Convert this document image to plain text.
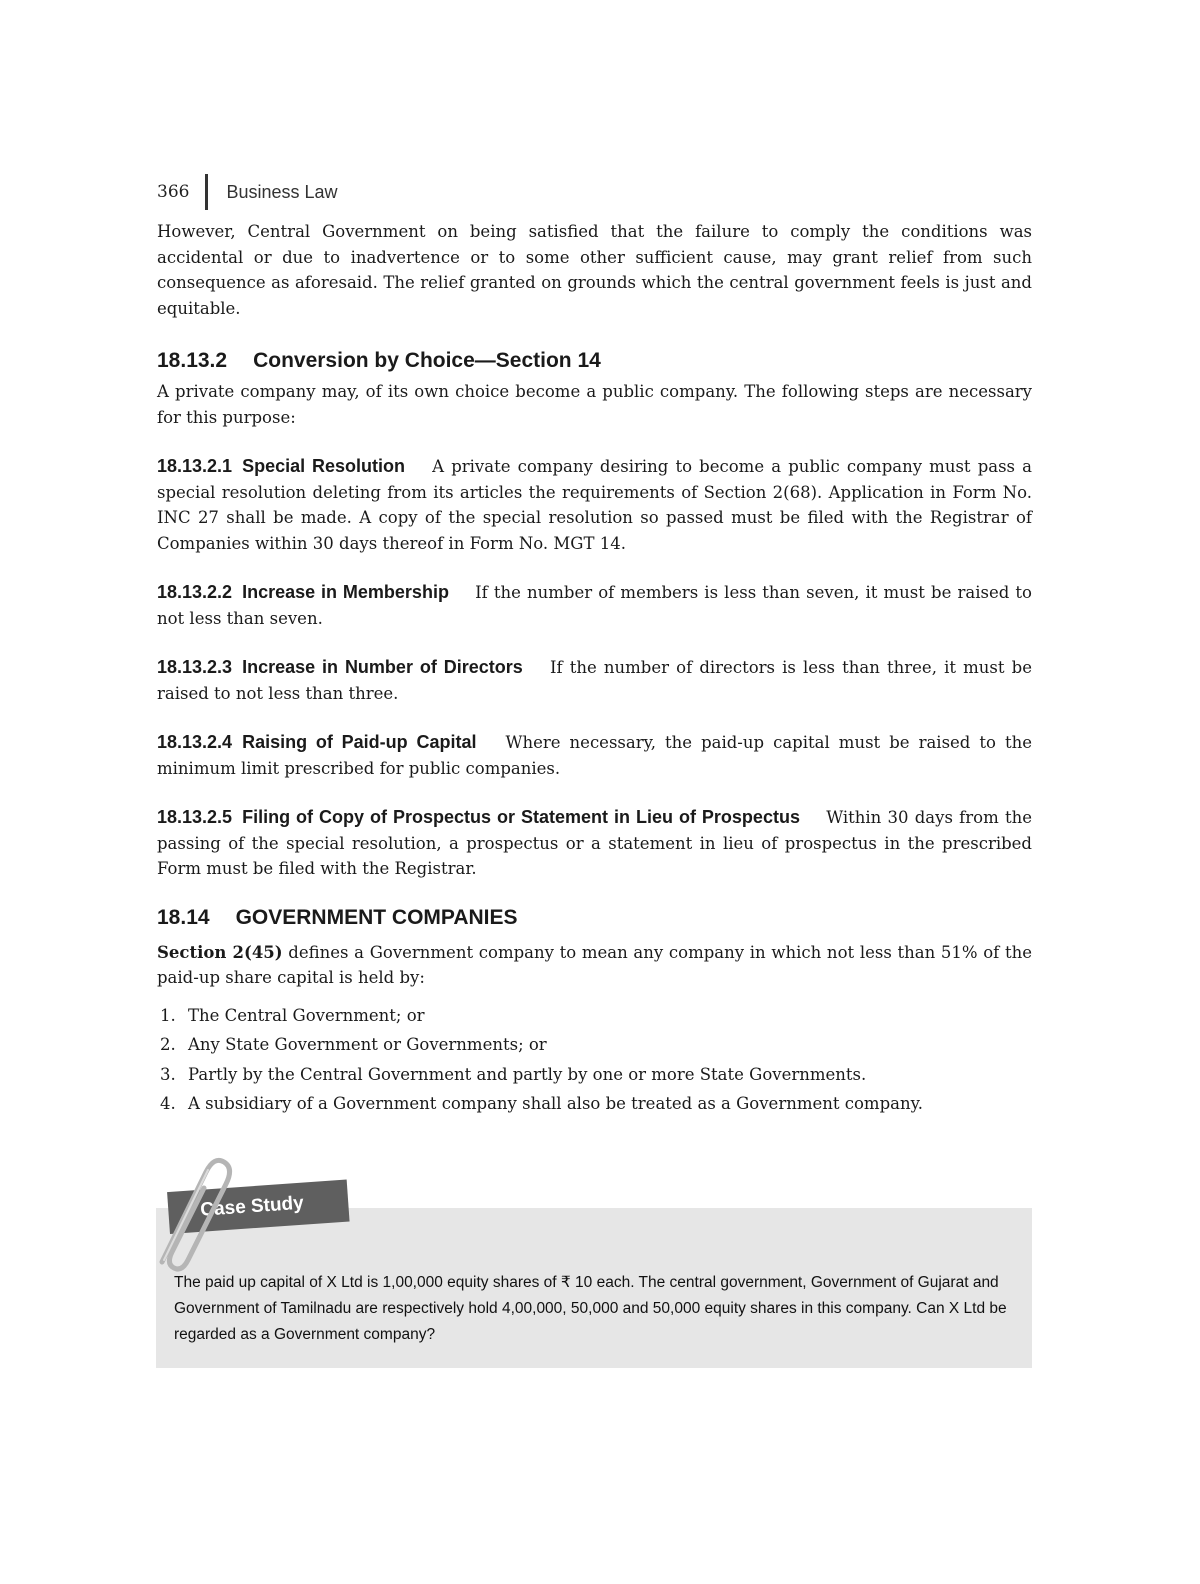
366 Business Law

However, Central Government on being satisfied that the failure to comply the conditions was accidental or due to inadvertence or to some other sufficient cause, may grant relief from such consequence as aforesaid. The relief granted on grounds which the central government feels is just and equitable.

18.13.2 Conversion by Choice—Section 14

A private company may, of its own choice become a public company. The following steps are necessary for this purpose:

18.13.2.1 Special Resolution A private company desiring to become a public company must pass a special resolution deleting from its articles the requirements of Section 2(68). Application in Form No. INC 27 shall be made. A copy of the special resolution so passed must be filed with the Registrar of Companies within 30 days thereof in Form No. MGT 14.

18.13.2.2 Increase in Membership If the number of members is less than seven, it must be raised to not less than seven.

18.13.2.3 Increase in Number of Directors If the number of directors is less than three, it must be raised to not less than three.

18.13.2.4 Raising of Paid-up Capital Where necessary, the paid-up capital must be raised to the minimum limit prescribed for public companies.

18.13.2.5 Filing of Copy of Prospectus or Statement in Lieu of Prospectus Within 30 days from the passing of the special resolution, a prospectus or a statement in lieu of prospectus in the prescribed Form must be filed with the Registrar.

18.14 GOVERNMENT COMPANIES

Section 2(45) defines a Government company to mean any company in which not less than 51% of the paid-up share capital is held by:

1. The Central Government; or
2. Any State Government or Governments; or
3. Partly by the Central Government and partly by one or more State Governments.
4. A subsidiary of a Government company shall also be treated as a Government company.
Case Study
The paid up capital of X Ltd is 1,00,000 equity shares of ₹ 10 each. The central government, Government of Gujarat and Government of Tamilnadu are respectively hold 4,00,000, 50,000 and 50,000 equity shares in this company. Can X Ltd be regarded as a Government company?
